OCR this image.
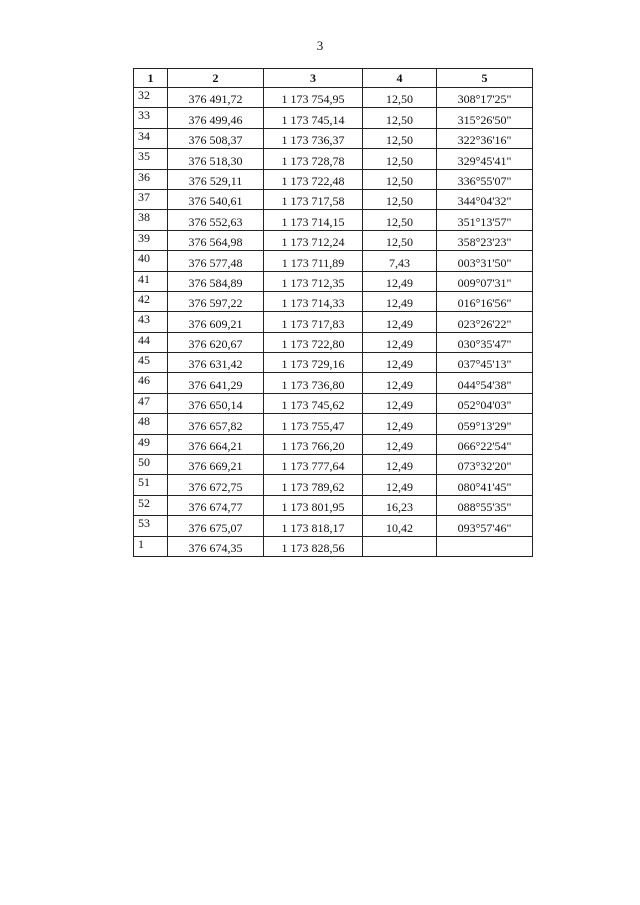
3
1	2	3	4	5
32	376 491,72	1 173 754,95	12,50	308°17'25"
33	376 499,46	1 173 745,14	12,50	315°26'50"
34	376 508,37	1 173 736,37	12,50	322°36'16"
35	376 518,30	1 173 728,78	12,50	329°45'41"
36	376 529,11	1 173 722,48	12,50	336°55'07"
37	376 540,61	1 173 717,58	12,50	344°04'32"
38	376 552,63	1 173 714,15	12,50	351°13'57"
39	376 564,98	1 173 712,24	12,50	358°23'23"
40	376 577,48	1 173 711,89	7,43	003°31'50"
41	376 584,89	1 173 712,35	12,49	009°07'31"
42	376 597,22	1 173 714,33	12,49	016°16'56"
43	376 609,21	1 173 717,83	12,49	023°26'22"
44	376 620,67	1 173 722,80	12,49	030°35'47"
45	376 631,42	1 173 729,16	12,49	037°45'13"
46	376 641,29	1 173 736,80	12,49	044°54'38"
47	376 650,14	1 173 745,62	12,49	052°04'03"
48	376 657,82	1 173 755,47	12,49	059°13'29"
49	376 664,21	1 173 766,20	12,49	066°22'54"
50	376 669,21	1 173 777,64	12,49	073°32'20"
51	376 672,75	1 173 789,62	12,49	080°41'45"
52	376 674,77	1 173 801,95	16,23	088°55'35"
53	376 675,07	1 173 818,17	10,42	093°57'46"
1	376 674,35	1 173 828,56		
